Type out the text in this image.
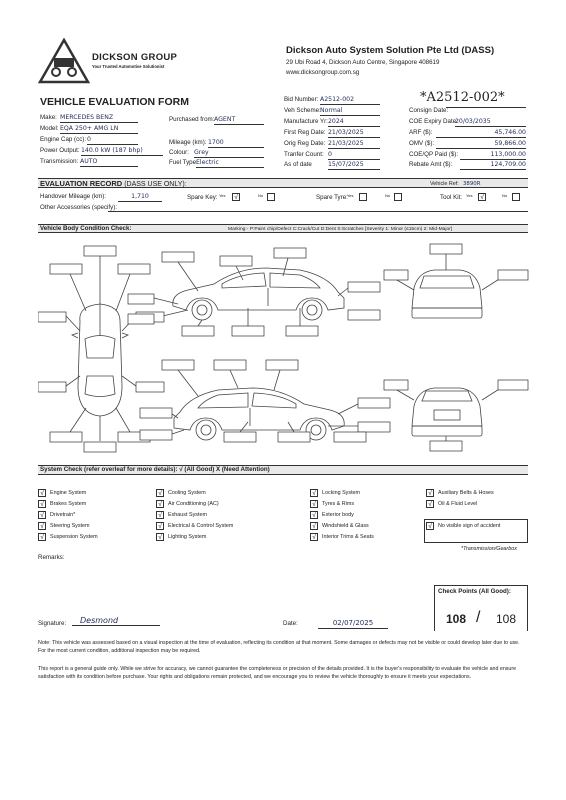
DICKSON GROUP
Your Trusted Automotive Solutionist
Dickson Auto System Solution Pte Ltd (DASS)
29 Ubi Road 4, Dickson Auto Centre, Singapore 408619
www.dicksongroup.com.sg
VEHICLE EVALUATION FORM
Make: MERCEDES BENZ
Model: EQA 250+ AMG LN
Engine Cap (cc): 0
Power Output: 140.0 kW (187 bhp)
Transmission: AUTO
Purchased from: AGENT
Mileage (km): 1700
Colour: Grey
Fuel Type:
Electric
Bid Number: A2512-002
Veh Scheme: Normal
Manufacture Yr: 2024
First Reg Date: 21/03/2025
Orig Reg Date: 21/03/2025
Tranfer Count: 0
As of date	15/07/2025
*A2512-002*
Consign Date:
COE Expiry Date:
20/03/2035
ARF ($):	45,746.00
OMV ($):	59,866.00
COE/QP Paid ($):	113,000.00
Rebate Amt ($):	124,709.00
EVALUATION RECORD (DASS USE ONLY):	Vehicle Ref: 3890R
Handover Mileage (km):	1,710	Spare Key: Yes √	No	Spare Tyre: Yes	No	Tool Kit: Yes √	No
Other Accessories (specify):
Vehicle Body Condition Check:	Marking:- P:Paint chip/Defect C:Crack/Cut D:Dent S:Scratches [Severity 1: Minor (≤15cm) 2: Mid-Major]
System Check (refer overleaf for more details): √ (All Good) X (Need Attention)
√	Engine System
√	Brakes System
√	Drivetrain*
√	Steering System
√	Suspension System
√	Cooling System
√	Air Conditioning (AC)
√	Exhaust System
√	Electrical & Control System
√	Lighting System
√	Locking System
√	Tyres & Rims
√	Exterior body
√	Windshield & Glass
√	Interior Trims & Seats
√	Auxiliary Belts & Hoses
√	Oil & Fluid Level
√	No visible sign of accident
*Transmission/Gearbox
Remarks:
Check Points (All Good):
108 / 108
Signature:	Desmond	Date:	02/07/2025
Note: This vehicle was assessed based on a visual inspection at the time of evaluation, reflecting its condition at that moment. Some damages or defects may not be visible or could develop later due to use. For the most current condition, additional inspection may be required.
This report is a general guide only. While we strive for accuracy, we cannot guarantee the completeness or precision of the details provided. It is the buyer's responsibility to evaluate the vehicle and ensure satisfaction with its condition before purchase. Your rights and obligations remain protected, and we encourage you to review the vehicle thoroughly to ensure it meets your expectations.
